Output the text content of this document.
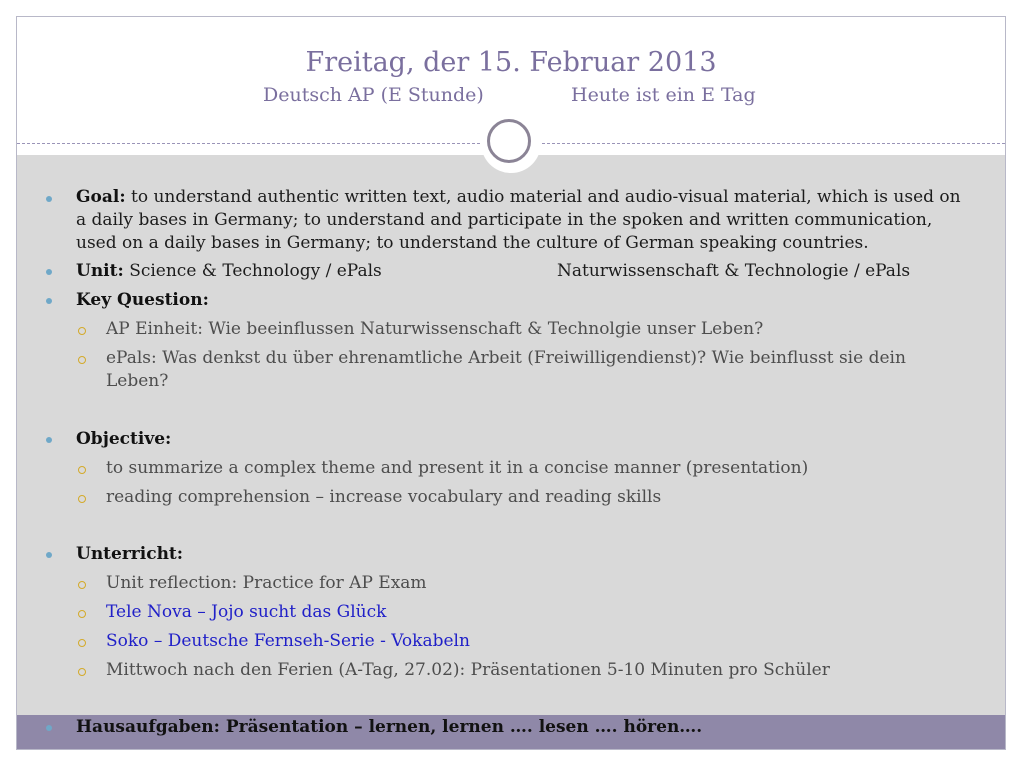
Freitag, der 15. Februar 2013
Deutsch AP (E Stunde)	Heute ist ein E Tag
Goal: to understand authentic written text, audio material and audio-visual material, which is used on
a daily bases in Germany; to understand and participate in the spoken and written communication,
used on a daily bases in Germany; to understand the culture of German speaking countries.
Unit: Science & Technology / ePals	Naturwissenschaft & Technologie / ePals
Key Question:
AP Einheit: Wie beeinflussen Naturwissenschaft & Technolgie unser Leben?
ePals: Was denkst du über ehrenamtliche Arbeit (Freiwilligendienst)? Wie beinflusst sie dein
Leben?
Objective:
to summarize a complex theme and present it in a concise manner (presentation)
reading comprehension – increase vocabulary and reading skills
Unterricht:
Unit reflection: Practice for AP Exam
Tele Nova – Jojo sucht das Glück
Soko – Deutsche Fernseh-Serie - Vokabeln
Mittwoch nach den Ferien (A-Tag, 27.02): Präsentationen 5-10 Minuten pro Schüler
Hausaufgaben: Präsentation – lernen, lernen …. lesen …. hören….
